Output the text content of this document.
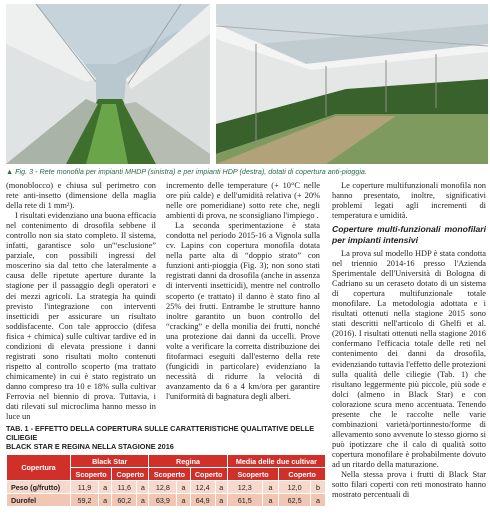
▲ Fig. 3 - Rete monofila per impianti MHDP (sinistra) e per impianti HDP (destra), dotati di copertura anti-pioggia.

(monoblocco) e chiusa sul perimetro con rete anti-insetto (dimensione della maglia della rete di 1 mm²).

I risultati evidenziano una buona efficacia nel contenimento di drosofila sebbene il controllo non sia stato completo. Il sistema, infatti, garantisce solo un'“esclusione” parziale, con possibili ingressi del moscerino sia dal tetto che lateralmente a causa delle ripetute aperture durante la stagione per il passaggio degli operatori e dei mezzi agricoli. La strategia ha quindi previsto l'integrazione con interventi insetticidi per assicurare un risultato soddisfacente. Con tale approccio (difesa fisica + chimica) sulle cultivar tardive ed in condizioni di elevata pressione i danni registrati sono risultati molto contenuti rispetto al controllo scoperto (ma trattato chimicamente) in cui è stato registrato un danno compreso tra 10 e 18% sulla cultivar Ferrovia nel biennio di prova. Tuttavia, i dati rilevati sul microclima hanno messo in luce un

incremento delle temperature (+ 10°C nelle ore più calde) e dell'umidità relativa (+ 20% nelle ore pomeridiane) sotto rete che, negli ambienti di prova, ne sconsigliano l'impiego .

La seconda sperimentazione è stata condotta nel periodo 2015-16 a Vignola sulla cv. Lapins con copertura monofila dotata nella parte alta di “doppio strato” con funzioni anti-pioggia (Fig. 3); non sono stati registrati danni da drosofila (anche in assenza di interventi insetticidi), mentre nel controllo scoperto (e trattato) il danno è stato fino al 25% dei frutti. Entrambe le strutture hanno inoltre garantito un buon controllo del “cracking” e della monilia dei frutti, nonché una protezione dai danni da uccelli. Prove volte a verificare la corretta distribuzione dei fitofarmaci eseguiti dall'esterno della rete (fungicidi in particolare) evidenziano la necessità di ridurre la velocità di avanzamento da 6 a 4 km/ora per garantire l'uniformità di bagnatura degli alberi.

Le coperture multifunzionali monofila non hanno presentato, inoltre, significativi problemi legati agli incrementi di temperatura e umidità.

Coperture multi-funzionali monofilari per impianti intensivi

La prova sul modello HDP è stata condotta nel triennio 2014-16 presso l'Azienda Sperimentale dell'Università di Bologna di Cadriano su un ceraseto dotato di un sistema di copertura multifunzionale totale monofilare. La metodologia adottata e i risultati ottenuti nella stagione 2015 sono stati descritti nell'articolo di Ghelfi et al. (2016). I risultati ottenuti nella stagione 2016 confermano l'efficacia totale delle reti nel contenimento dei danni da drosofila, evidenziando tuttavia l'effetto delle protezioni sulla qualità delle ciliegie (Tab. 1) che risultano leggermente più piccole, più sode e dolci (almeno in Black Star) e con colorazione scura meno accentuata. Tenendo presente che le raccolte nelle varie combinazioni varietà/portinnesto/forme di allevamento sono avvenute lo stesso giorno si può ipotizzare che il calo di qualità sotto copertura monofilare è probabilmente dovuto ad un ritardo della maturazione.

Nella stessa prova i frutti di Black Star sotto filari coperti con reti monostrato hanno mostrato percentuali di

TAB. 1 - EFFETTO DELLA COPERTURA SULLE CARATTERISTICHE QUALITATIVE DELLE CILIEGIE
BLACK STAR E REGINA NELLA STAGIONE 2016
Copertura	Black Star				Regina				Media delle due cultivar			
	Scoperto		Coperto		Scoperto		Coperto		Scoperto		Coperto	
Peso (g/frutto)	11,9	a	11,6	a	12,8	a	12,4	a	12,3	a	12,0	b
Durofel	59,2	a	60,2	a	63,9	a	64,9	a	61,5	a	62,5	a
